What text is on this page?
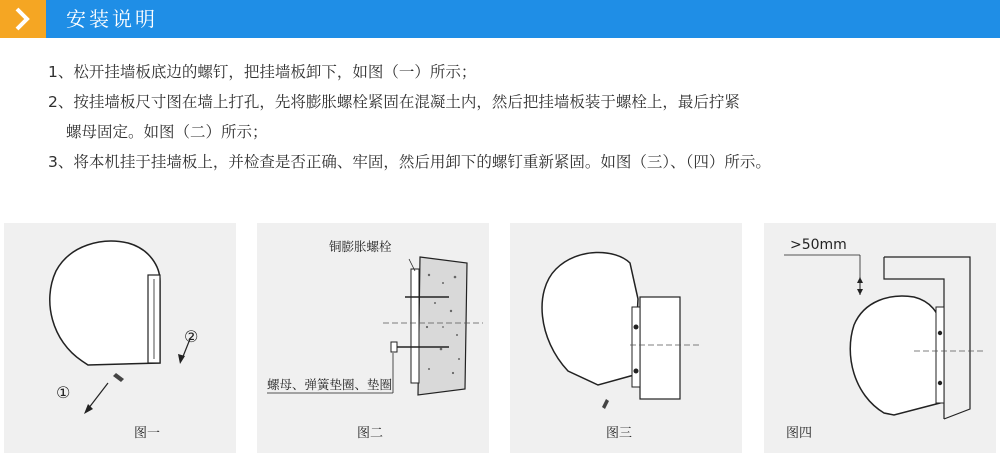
安装说明

1、松开挂墙板底边的螺钉，把挂墙板卸下，如图（一）所示；

2、按挂墙板尺寸图在墙上打孔，先将膨胀螺栓紧固在混凝土内，然后把挂墙板装于螺栓上，最后拧紧

螺母固定。如图（二）所示；

3、将本机挂于挂墙板上，并检查是否正确、牢固，然后用卸下的螺钉重新紧固。如图（三）、（四）所示。

①
②
图一
铜膨胀螺栓
螺母、弹簧垫圈、垫圈
图二	图三
>50mm
图四
